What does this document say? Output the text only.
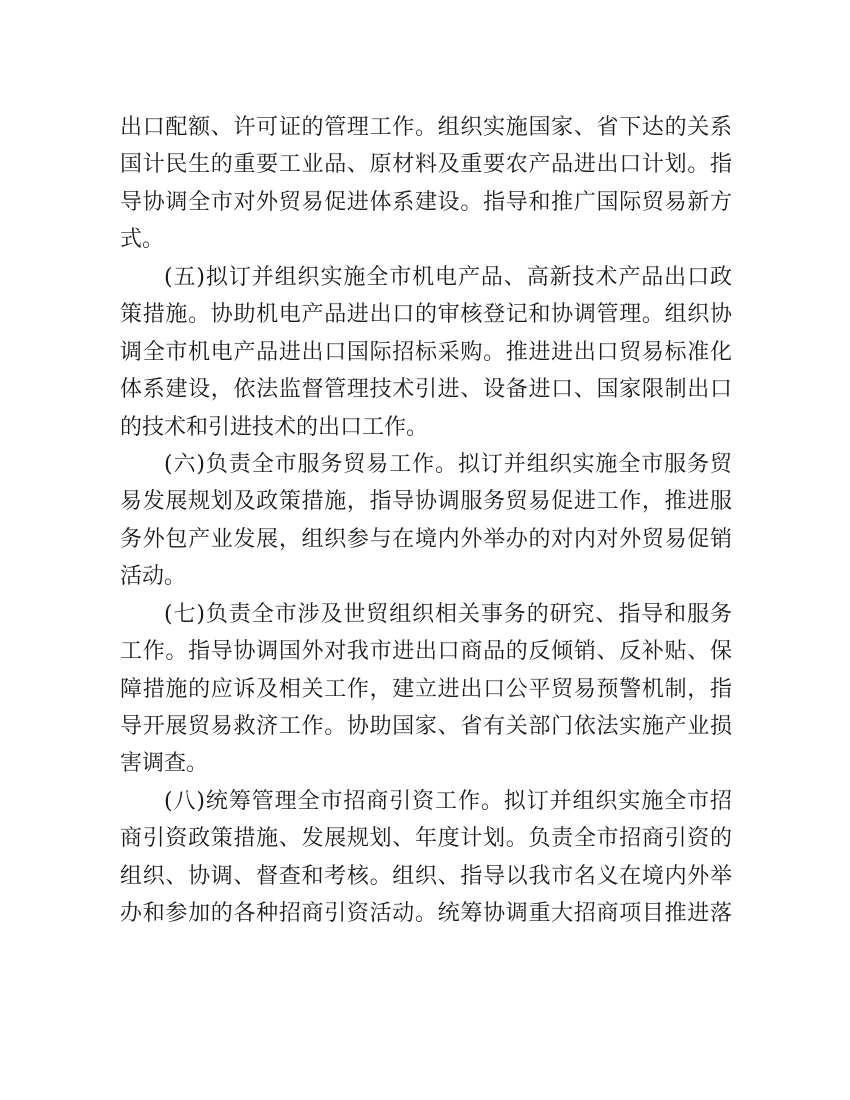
出口配额、许可证的管理工作。组织实施国家、省下达的关系
国计民生的重要工业品、原材料及重要农产品进出口计划。指
导协调全市对外贸易促进体系建设。指导和推广国际贸易新方
式。
(五)拟订并组织实施全市机电产品、高新技术产品出口政
策措施。协助机电产品进出口的审核登记和协调管理。组织协
调全市机电产品进出口国际招标采购。推进进出口贸易标准化
体系建设，依法监督管理技术引进、设备进口、国家限制出口
的技术和引进技术的出口工作。
(六)负责全市服务贸易工作。拟订并组织实施全市服务贸
易发展规划及政策措施，指导协调服务贸易促进工作，推进服
务外包产业发展，组织参与在境内外举办的对内对外贸易促销
活动。
(七)负责全市涉及世贸组织相关事务的研究、指导和服务
工作。指导协调国外对我市进出口商品的反倾销、反补贴、保
障措施的应诉及相关工作，建立进出口公平贸易预警机制，指
导开展贸易救济工作。协助国家、省有关部门依法实施产业损
害调查。
(八)统筹管理全市招商引资工作。拟订并组织实施全市招
商引资政策措施、发展规划、年度计划。负责全市招商引资的
组织、协调、督查和考核。组织、指导以我市名义在境内外举
办和参加的各种招商引资活动。统筹协调重大招商项目推进落
